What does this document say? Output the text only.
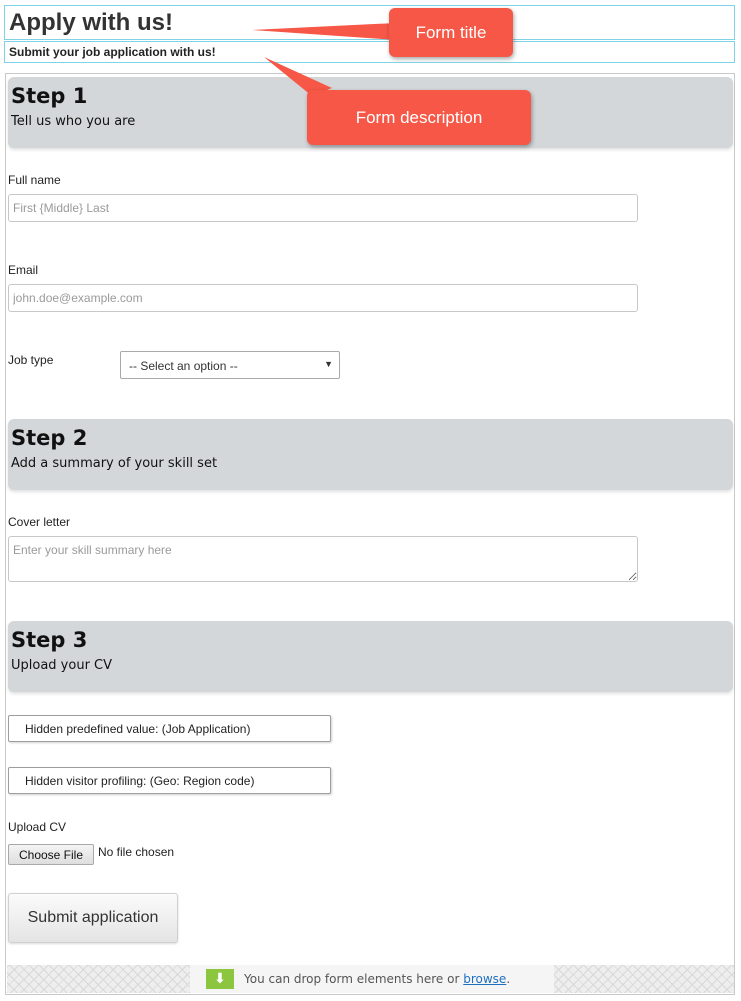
Apply with us!
Submit your job application with us!
Step 1
Tell us who you are
Full name
First {Middle} Last
Email
john.doe@example.com
Job type	-- Select an option --	▼
Step 2
Add a summary of your skill set
Cover letter
Enter your skill summary here
Step 3
Upload your CV
Hidden predefined value: (Job Application)
Hidden visitor profiling: (Geo: Region code)
Upload CV
Choose File	No file chosen
Submit application
⬇	You can drop form elements here or browse.
Form title
Form description
